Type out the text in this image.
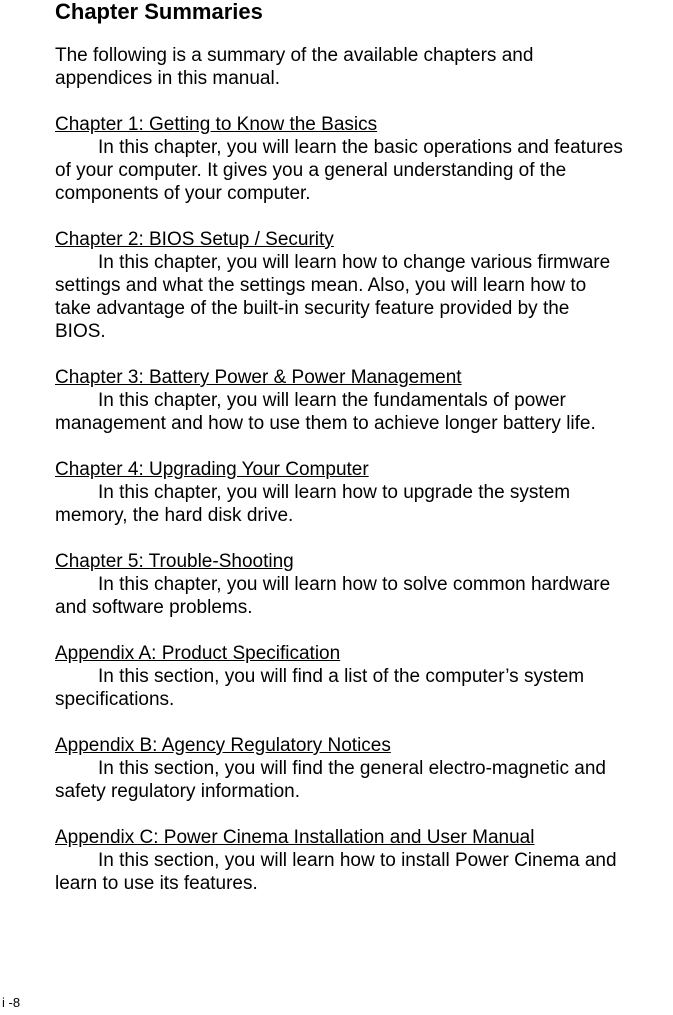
Chapter Summaries
The following is a summary of the available chapters and
appendices in this manual.
Chapter 1: Getting to Know the Basics
In this chapter, you will learn the basic operations and features
of your computer. It gives you a general understanding of the
components of your computer.
Chapter 2: BIOS Setup / Security
In this chapter, you will learn how to change various firmware
settings and what the settings mean. Also, you will learn how to
take advantage of the built-in security feature provided by the
BIOS.
Chapter 3: Battery Power & Power Management
In this chapter, you will learn the fundamentals of power
management and how to use them to achieve longer battery life.
Chapter 4: Upgrading Your Computer
In this chapter, you will learn how to upgrade the system
memory, the hard disk drive.
Chapter 5: Trouble-Shooting
In this chapter, you will learn how to solve common hardware
and software problems.
Appendix A: Product Specification
In this section, you will find a list of the computer’s system
specifications.
Appendix B: Agency Regulatory Notices
In this section, you will find the general electro-magnetic and
safety regulatory information.
Appendix C: Power Cinema Installation and User Manual
In this section, you will learn how to install Power Cinema and
learn to use its features.
i -8
